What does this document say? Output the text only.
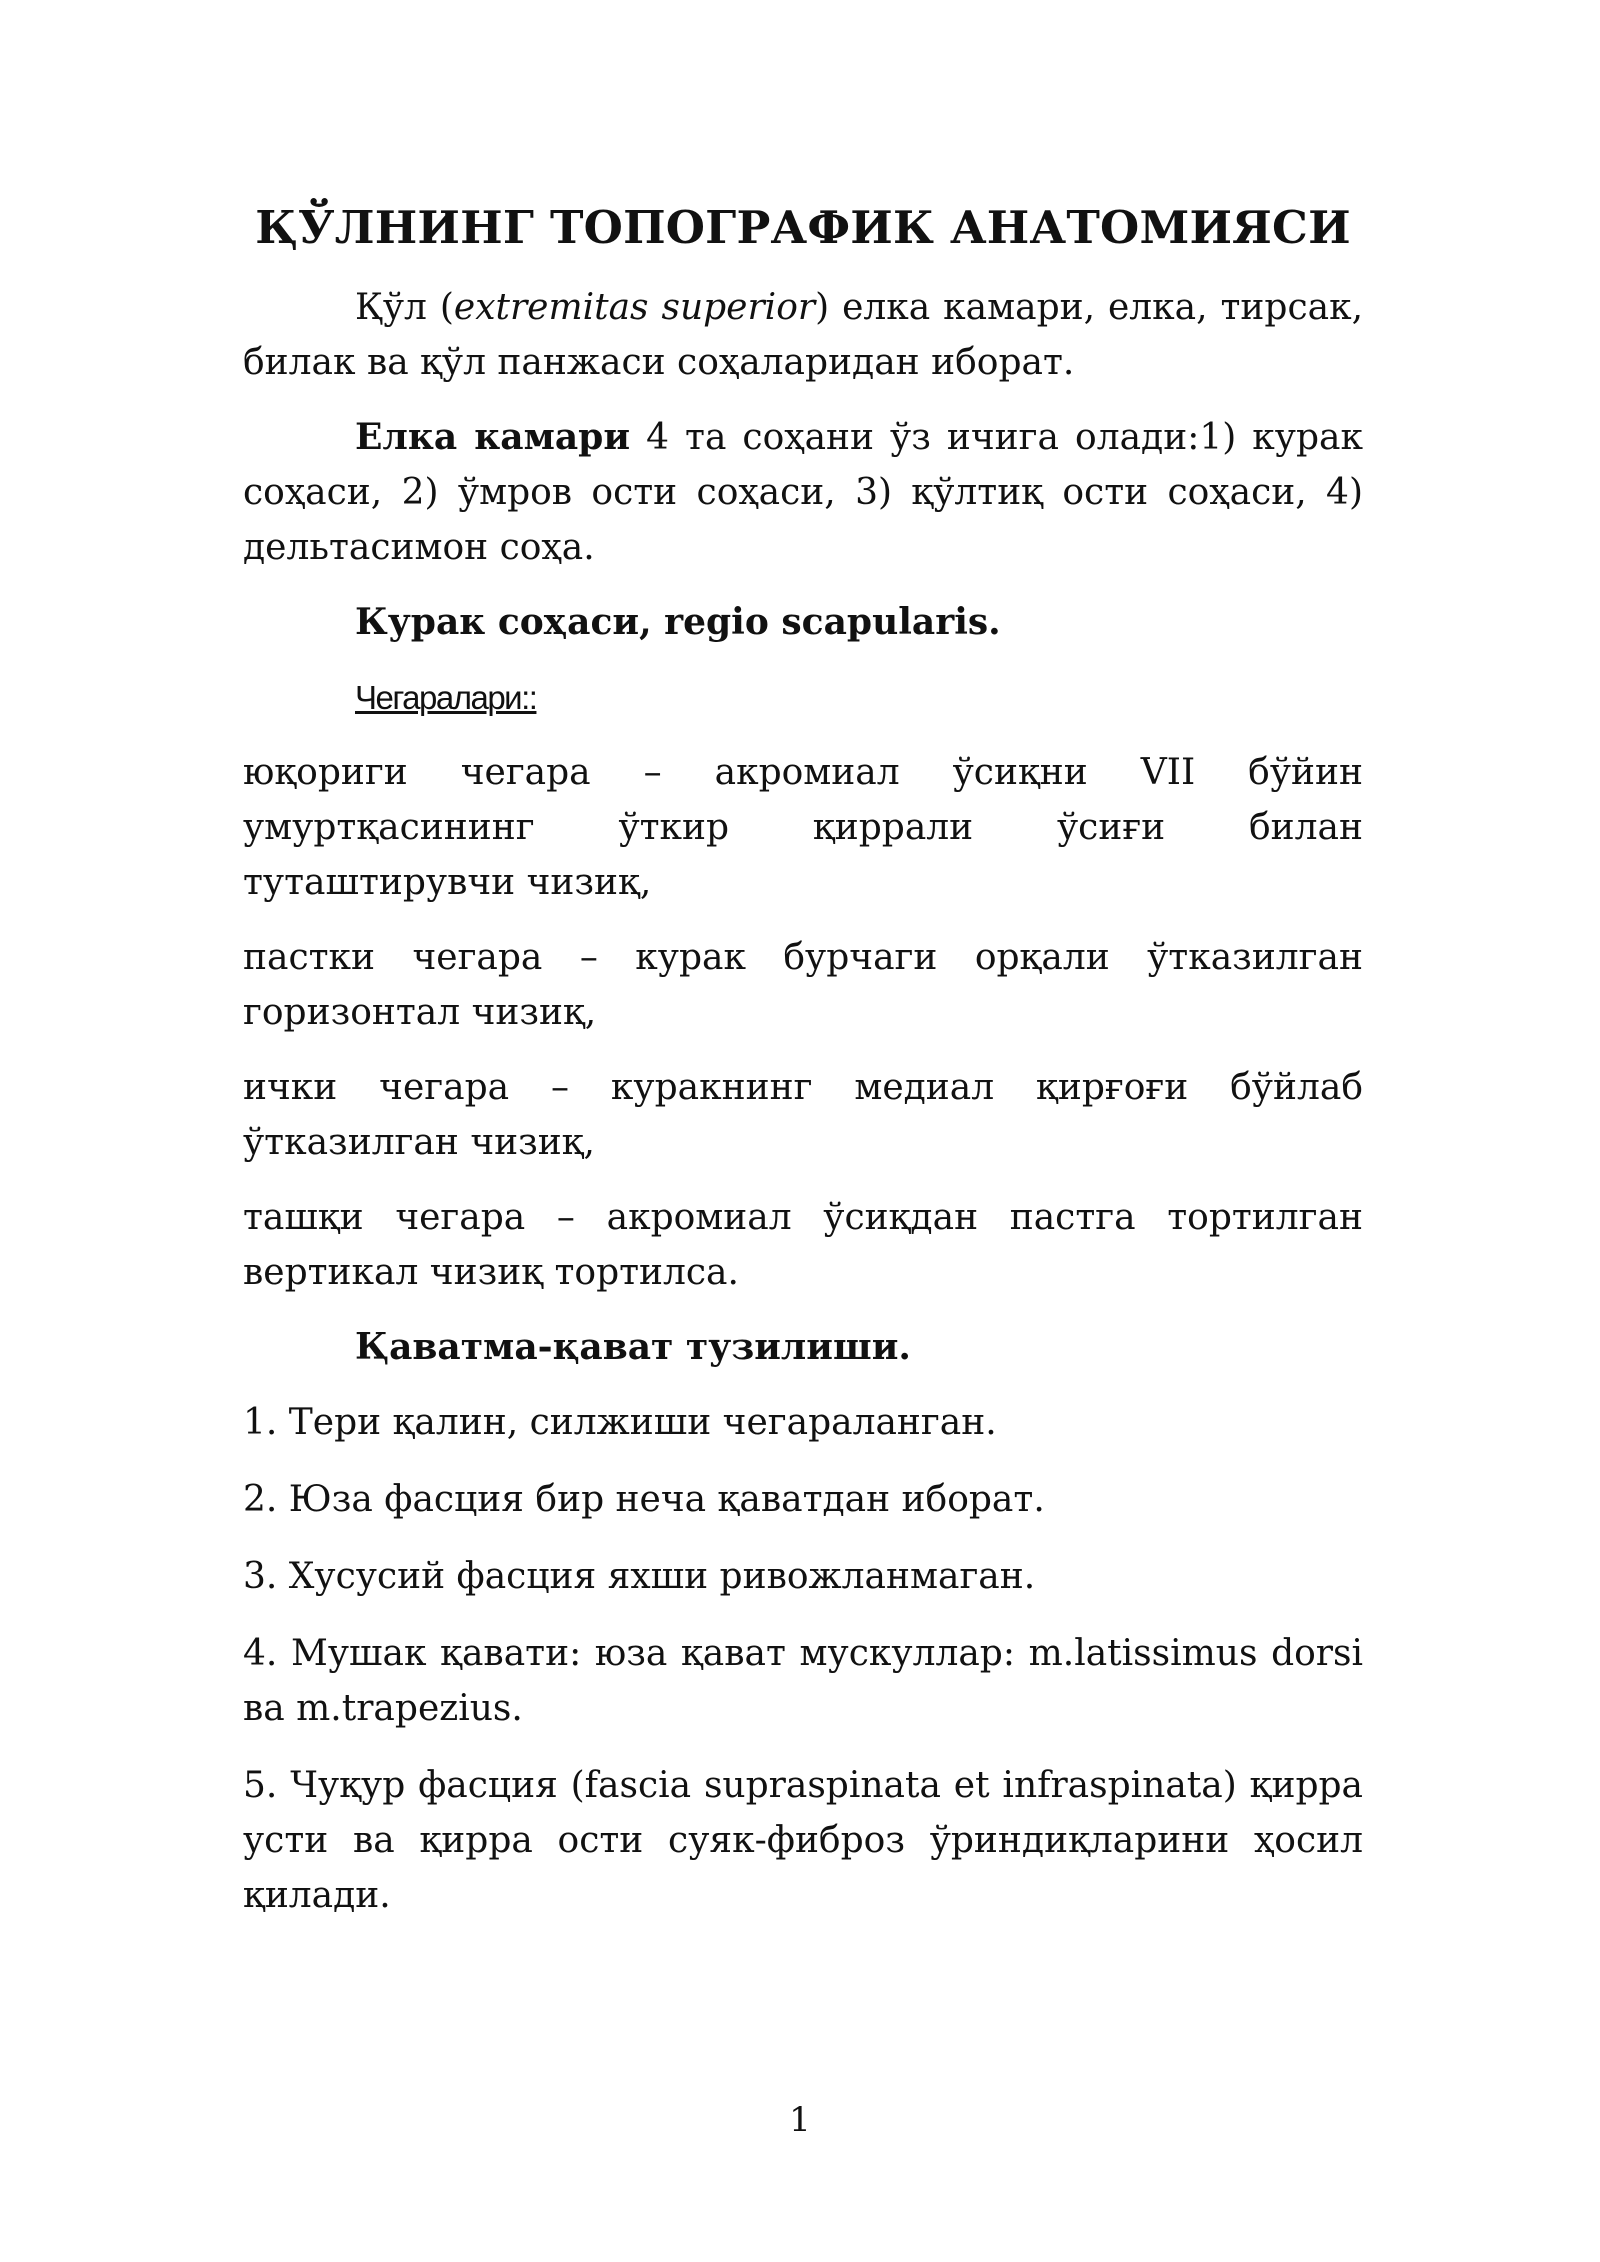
ҚЎЛНИНГ ТОПОГРАФИК АНАТОМИЯСИ

Қўл (extremitas superior) елка камари, елка, тирсак, билак ва қўл панжаси соҳаларидан иборат.

Елка камари 4 та соҳани ўз ичига олади:1) курак соҳаси, 2) ўмров ости соҳаси, 3) қўлтиқ ости соҳаси, 4) дельтасимон соҳа.

Курак соҳаси, regio scapularis.

Чегаралари::

юқориги чегара – акромиал ўсиқни VII бўйин умуртқасининг ўткир қиррали ўсиғи билан
туташтирувчи чизиқ,

пастки чегара – курак бурчаги орқали ўтказилган горизонтал чизиқ,

ички чегара – куракнинг медиал қирғоғи бўйлаб ўтказилган чизиқ,

ташқи чегара – акромиал ўсиқдан пастга тортилган вертикал чизиқ тортилса.

Қаватма-қават тузилиши.

1. Тери қалин, силжиши чегараланган.

2. Юза фасция бир неча қаватдан иборат.

3. Хусусий фасция яхши ривожланмаган.

4. Мушак қавати: юза қават мускуллар: m.latissimus dorsi ва m.trapezius.

5. Чуқур фасция (fascia supraspinata et infraspinata) қирра усти ва қирра ости суяк-фиброз ўриндиқларини ҳосил қилади.

1
